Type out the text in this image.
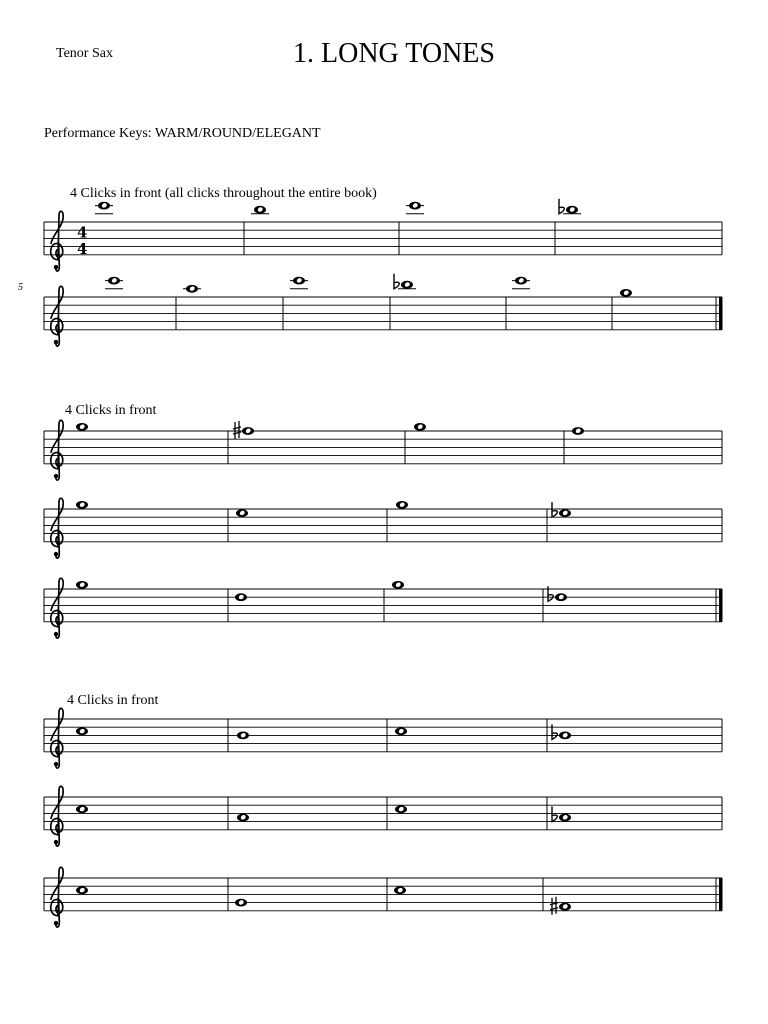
Tenor Sax	1. LONG TONES
Performance Keys: WARM/ROUND/ELEGANT
4 Clicks in front (all clicks throughout the entire book)
4
4
5
4 Clicks in front
4 Clicks in front
